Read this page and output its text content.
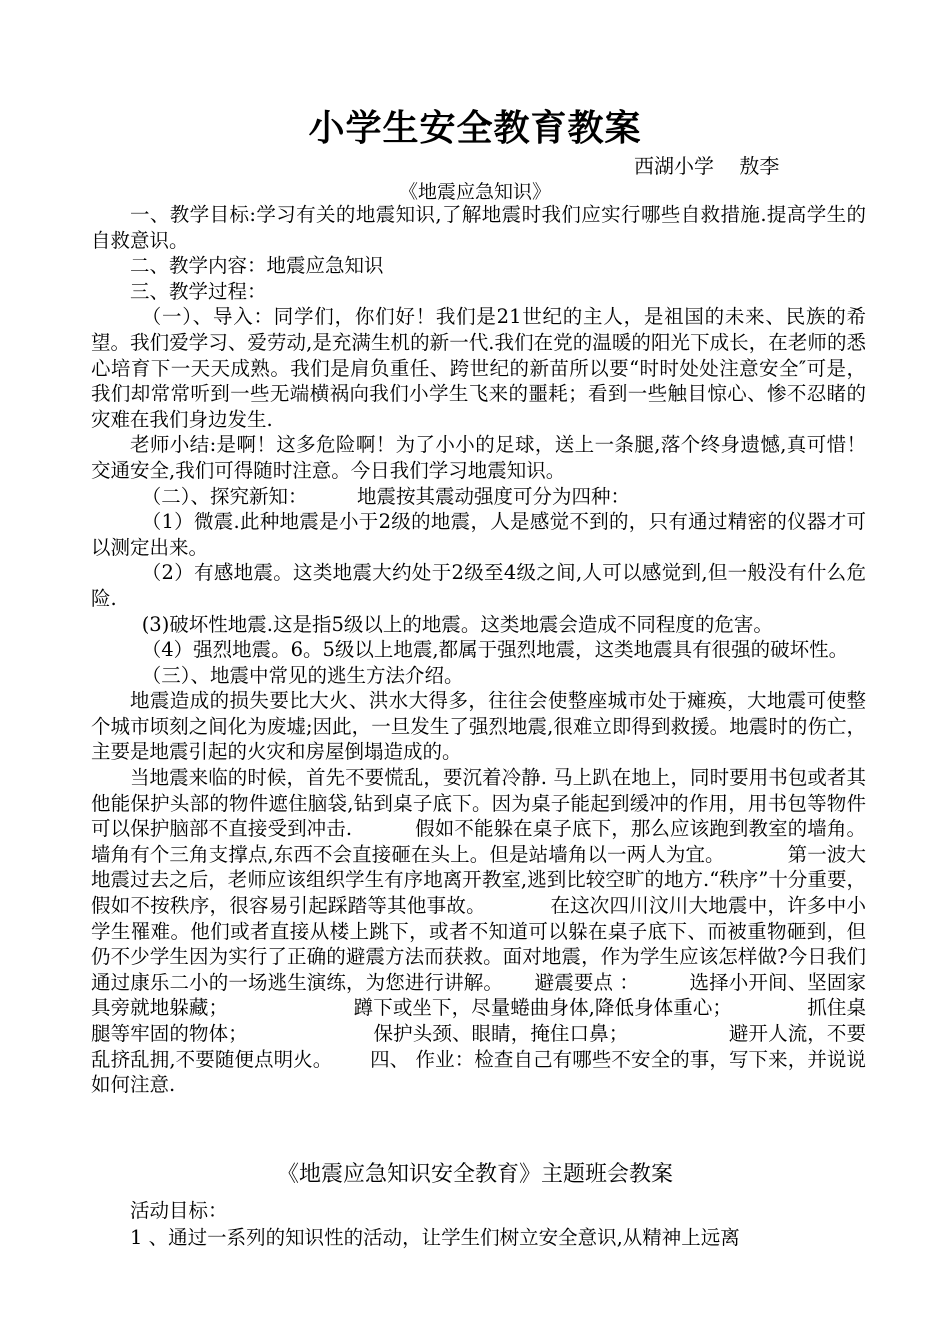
小学生安全教育教案
西湖小学    敖李
《地震应急知识》

一、教学目标:学习有关的地震知识,了解地震时我们应实行哪些自救措施.提高学生的自救意识。

二、教学内容：地震应急知识

三、教学过程：

（一）、导入：同学们，你们好！我们是21世纪的主人，是祖国的未来、民族的希望。我们爱学习、爱劳动,是充满生机的新一代.我们在党的温暖的阳光下成长，在老师的悉心培育下一天天成熟。我们是肩负重任、跨世纪的新苗所以要“时时处处注意安全″可是，我们却常常听到一些无端横祸向我们小学生飞来的噩耗；看到一些触目惊心、惨不忍睹的灾难在我们身边发生.

老师小结:是啊！这多危险啊！为了小小的足球，送上一条腿,落个终身遗憾,真可惜！交通安全,我们可得随时注意。今日我们学习地震知识。

（二）、探究新知：        地震按其震动强度可分为四种：

（1）微震.此种地震是小于2级的地震，人是感觉不到的，只有通过精密的仪器才可以测定出来。

（2）有感地震。这类地震大约处于2级至4级之间,人可以感觉到,但一般没有什么危险.

(3)破坏性地震.这是指5级以上的地震。这类地震会造成不同程度的危害。

（4）强烈地震。6。5级以上地震,都属于强烈地震，这类地震具有很强的破坏性。

（三）、地震中常见的逃生方法介绍。

地震造成的损失要比大火、洪水大得多，往往会使整座城市处于瘫痪，大地震可使整个城市顷刻之间化为废墟;因此，一旦发生了强烈地震,很难立即得到救援。地震时的伤亡，主要是地震引起的火灾和房屋倒塌造成的。

当地震来临的时候，首先不要慌乱，要沉着冷静. 马上趴在地上，同时要用书包或者其他能保护头部的物件遮住脑袋,钻到桌子底下。因为桌子能起到缓冲的作用，用书包等物件可以保护脑部不直接受到冲击.          假如不能躲在桌子底下，那么应该跑到教室的墙角。墙角有个三角支撑点,东西不会直接砸在头上。但是站墙角以一两人为宜。          第一波大地震过去之后，老师应该组织学生有序地离开教室,逃到比较空旷的地方.“秩序”十分重要，假如不按秩序，很容易引起踩踏等其他事故。          在这次四川汶川大地震中，许多中小学生罹难。他们或者直接从楼上跳下，或者不知道可以躲在桌子底下、而被重物砸到，但仍不少学生因为实行了正确的避震方法而获救。面对地震，作为学生应该怎样做?今日我们通过康乐二小的一场逃生演练，为您进行讲解。     避震要点 ：        选择小开间、坚固家具旁就地躲藏；                    蹲下或坐下，尽量蜷曲身体,降低身体重心；            抓住桌腿等牢固的物体；                    保护头颈、眼睛，掩住口鼻；                避开人流，不要乱挤乱拥,不要随便点明火。      四、 作业：检查自己有哪些不安全的事，写下来，并说说如何注意.

《地震应急知识安全教育》主题班会教案

活动目标：

1 、通过一系列的知识性的活动，让学生们树立安全意识,从精神上远离
